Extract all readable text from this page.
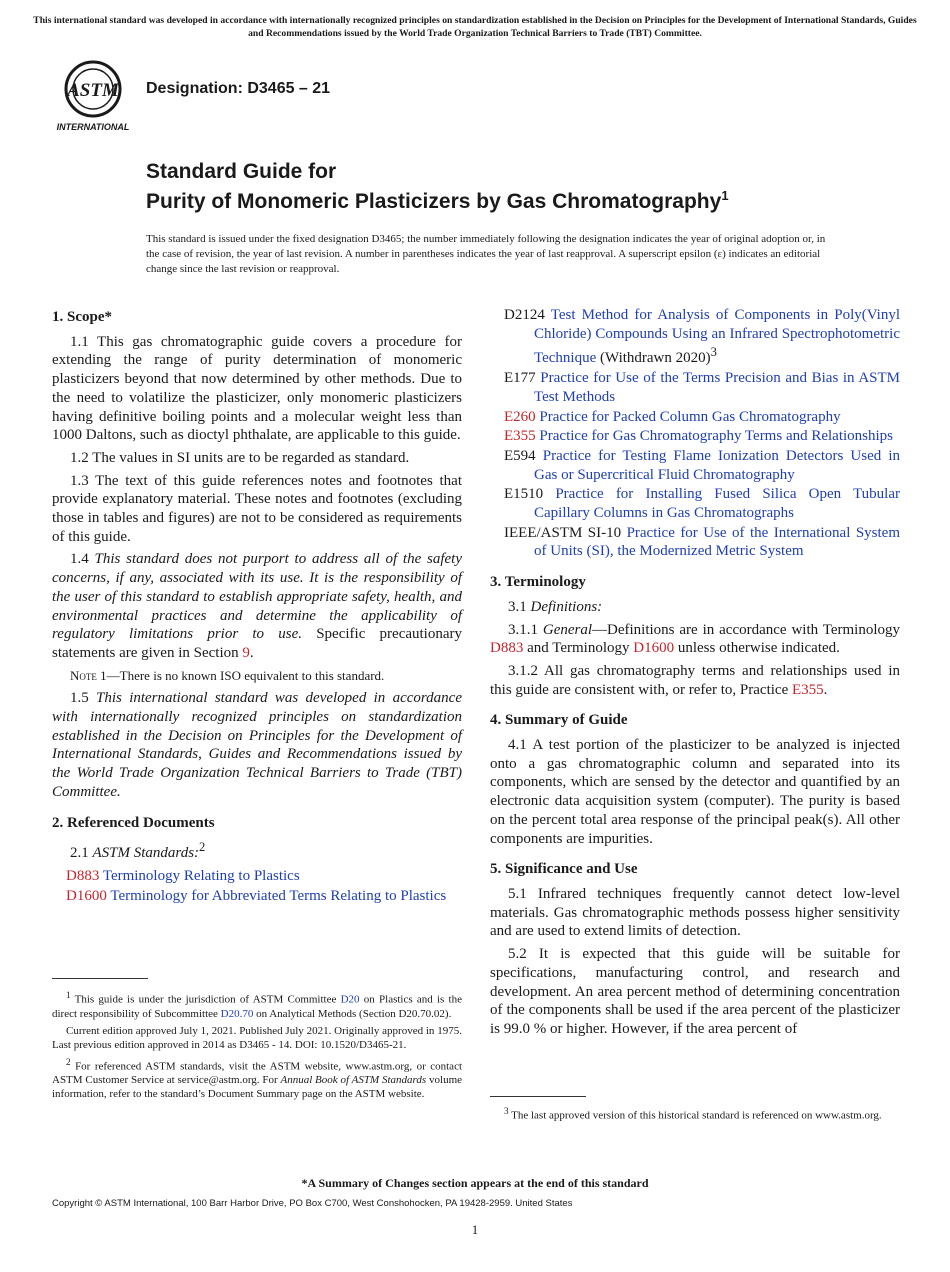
This international standard was developed in accordance with internationally recognized principles on standardization established in the Decision on Principles for the Development of International Standards, Guides and Recommendations issued by the World Trade Organization Technical Barriers to Trade (TBT) Committee.
ASTM
INTERNATIONAL
Designation: D3465 – 21
Standard Guide for
Purity of Monomeric Plasticizers by Gas Chromatography$^1$
This standard is issued under the fixed designation D3465; the number immediately following the designation indicates the year of original adoption or, in the case of revision, the year of last revision. A number in parentheses indicates the year of last reapproval. A superscript epsilon (ε) indicates an editorial change since the last revision or reapproval.
1. Scope*

1.1 This gas chromatographic guide covers a procedure for extending the range of purity determination of monomeric plasticizers beyond that now determined by other methods. Due to the need to volatilize the plasticizer, only monomeric plasticizers having definitive boiling points and a molecular weight less than 1000 Daltons, such as dioctyl phthalate, are applicable to this guide.

1.2 The values in SI units are to be regarded as standard.

1.3 The text of this guide references notes and footnotes that provide explanatory material. These notes and footnotes (excluding those in tables and figures) are not to be considered as requirements of this guide.

1.4 This standard does not purport to address all of the safety concerns, if any, associated with its use. It is the responsibility of the user of this standard to establish appropriate safety, health, and environmental practices and determine the applicability of regulatory limitations prior to use. Specific precautionary statements are given in Section 9.

Note 1—There is no known ISO equivalent to this standard.

1.5 This international standard was developed in accordance with internationally recognized principles on standardization established in the Decision on Principles for the Development of International Standards, Guides and Recommendations issued by the World Trade Organization Technical Barriers to Trade (TBT) Committee.

2. Referenced Documents

2.1 ASTM Standards:$^2$

D883 Terminology Relating to Plastics
D1600 Terminology for Abbreviated Terms Relating to Plastics
D2124 Test Method for Analysis of Components in Poly(Vinyl Chloride) Compounds Using an Infrared Spectrophotometric Technique (Withdrawn 2020)$^3$
E177 Practice for Use of the Terms Precision and Bias in ASTM Test Methods
E260 Practice for Packed Column Gas Chromatography
E355 Practice for Gas Chromatography Terms and Relationships
E594 Practice for Testing Flame Ionization Detectors Used in Gas or Supercritical Fluid Chromatography
E1510 Practice for Installing Fused Silica Open Tubular Capillary Columns in Gas Chromatographs
IEEE/ASTM SI-10 Practice for Use of the International System of Units (SI), the Modernized Metric System
3. Terminology

3.1 Definitions:

3.1.1 General—Definitions are in accordance with Terminology D883 and Terminology D1600 unless otherwise indicated.

3.1.2 All gas chromatography terms and relationships used in this guide are consistent with, or refer to, Practice E355.

4. Summary of Guide

4.1 A test portion of the plasticizer to be analyzed is injected onto a gas chromatographic column and separated into its components, which are sensed by the detector and quantified by an electronic data acquisition system (computer). The purity is based on the percent total area response of the principal peak(s). All other components are impurities.

5. Significance and Use

5.1 Infrared techniques frequently cannot detect low-level materials. Gas chromatographic methods possess higher sensitivity and are used to extend limits of detection.

5.2 It is expected that this guide will be suitable for specifications, manufacturing control, and research and development. An area percent method of determining concentration of the components shall be used if the area percent of the plasticizer is 99.0 % or higher. However, if the area percent of

$^1$ This guide is under the jurisdiction of ASTM Committee D20 on Plastics and is the direct responsibility of Subcommittee D20.70 on Analytical Methods (Section D20.70.02).

Current edition approved July 1, 2021. Published July 2021. Originally approved in 1975. Last previous edition approved in 2014 as D3465 - 14. DOI: 10.1520/D3465-21.

$^2$ For referenced ASTM standards, visit the ASTM website, www.astm.org, or contact ASTM Customer Service at service@astm.org. For Annual Book of ASTM Standards volume information, refer to the standard’s Document Summary page on the ASTM website.

$^3$ The last approved version of this historical standard is referenced on www.astm.org.

*A Summary of Changes section appears at the end of this standard
Copyright © ASTM International, 100 Barr Harbor Drive, PO Box C700, West Conshohocken, PA 19428-2959. United States
1
